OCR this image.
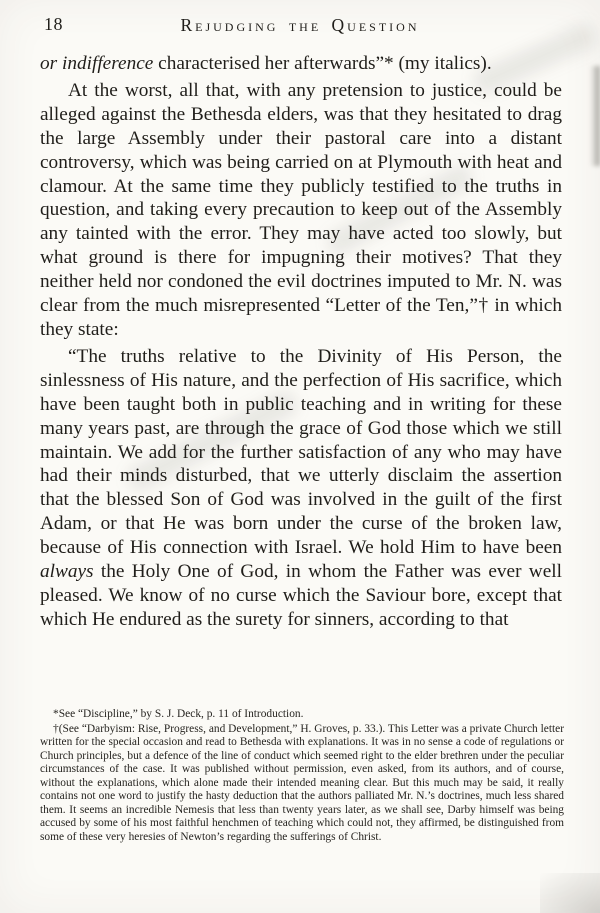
18	Rejudging the Question

or indifference characterised her afterwards”* (my italics).

At the worst, all that, with any pretension to justice, could be alleged against the Bethesda elders, was that they hesitated to drag the large Assembly under their pastoral care into a distant controversy, which was being carried on at Plymouth with heat and clamour. At the same time they publicly testified to the truths in question, and taking every precaution to keep out of the Assembly any tainted with the error. They may have acted too slowly, but what ground is there for impugning their motives? That they neither held nor condoned the evil doctrines imputed to Mr. N. was clear from the much misrepresented “Letter of the Ten,”† in which they state:

“The truths relative to the Divinity of His Person, the sinlessness of His nature, and the perfection of His sacrifice, which have been taught both in public teaching and in writing for these many years past, are through the grace of God those which we still maintain. We add for the further satisfaction of any who may have had their minds disturbed, that we utterly disclaim the assertion that the blessed Son of God was involved in the guilt of the first Adam, or that He was born under the curse of the broken law, because of His connection with Israel. We hold Him to have been always the Holy One of God, in whom the Father was ever well pleased. We know of no curse which the Saviour bore, except that which He endured as the surety for sinners, according to that

*See “Discipline,” by S. J. Deck, p. 11 of Introduction.

†(See “Darbyism: Rise, Progress, and Development,” H. Groves, p. 33.). This Letter was a private Church letter written for the special occasion and read to Bethesda with explanations. It was in no sense a code of regulations or Church principles, but a defence of the line of conduct which seemed right to the elder brethren under the peculiar circumstances of the case. It was published without permission, even asked, from its authors, and of course, without the explanations, which alone made their intended meaning clear. But this much may be said, it really contains not one word to justify the hasty deduction that the authors palliated Mr. N.’s doctrines, much less shared them. It seems an incredible Nemesis that less than twenty years later, as we shall see, Darby himself was being accused by some of his most faithful henchmen of teaching which could not, they affirmed, be distinguished from some of these very heresies of Newton’s regarding the sufferings of Christ.
